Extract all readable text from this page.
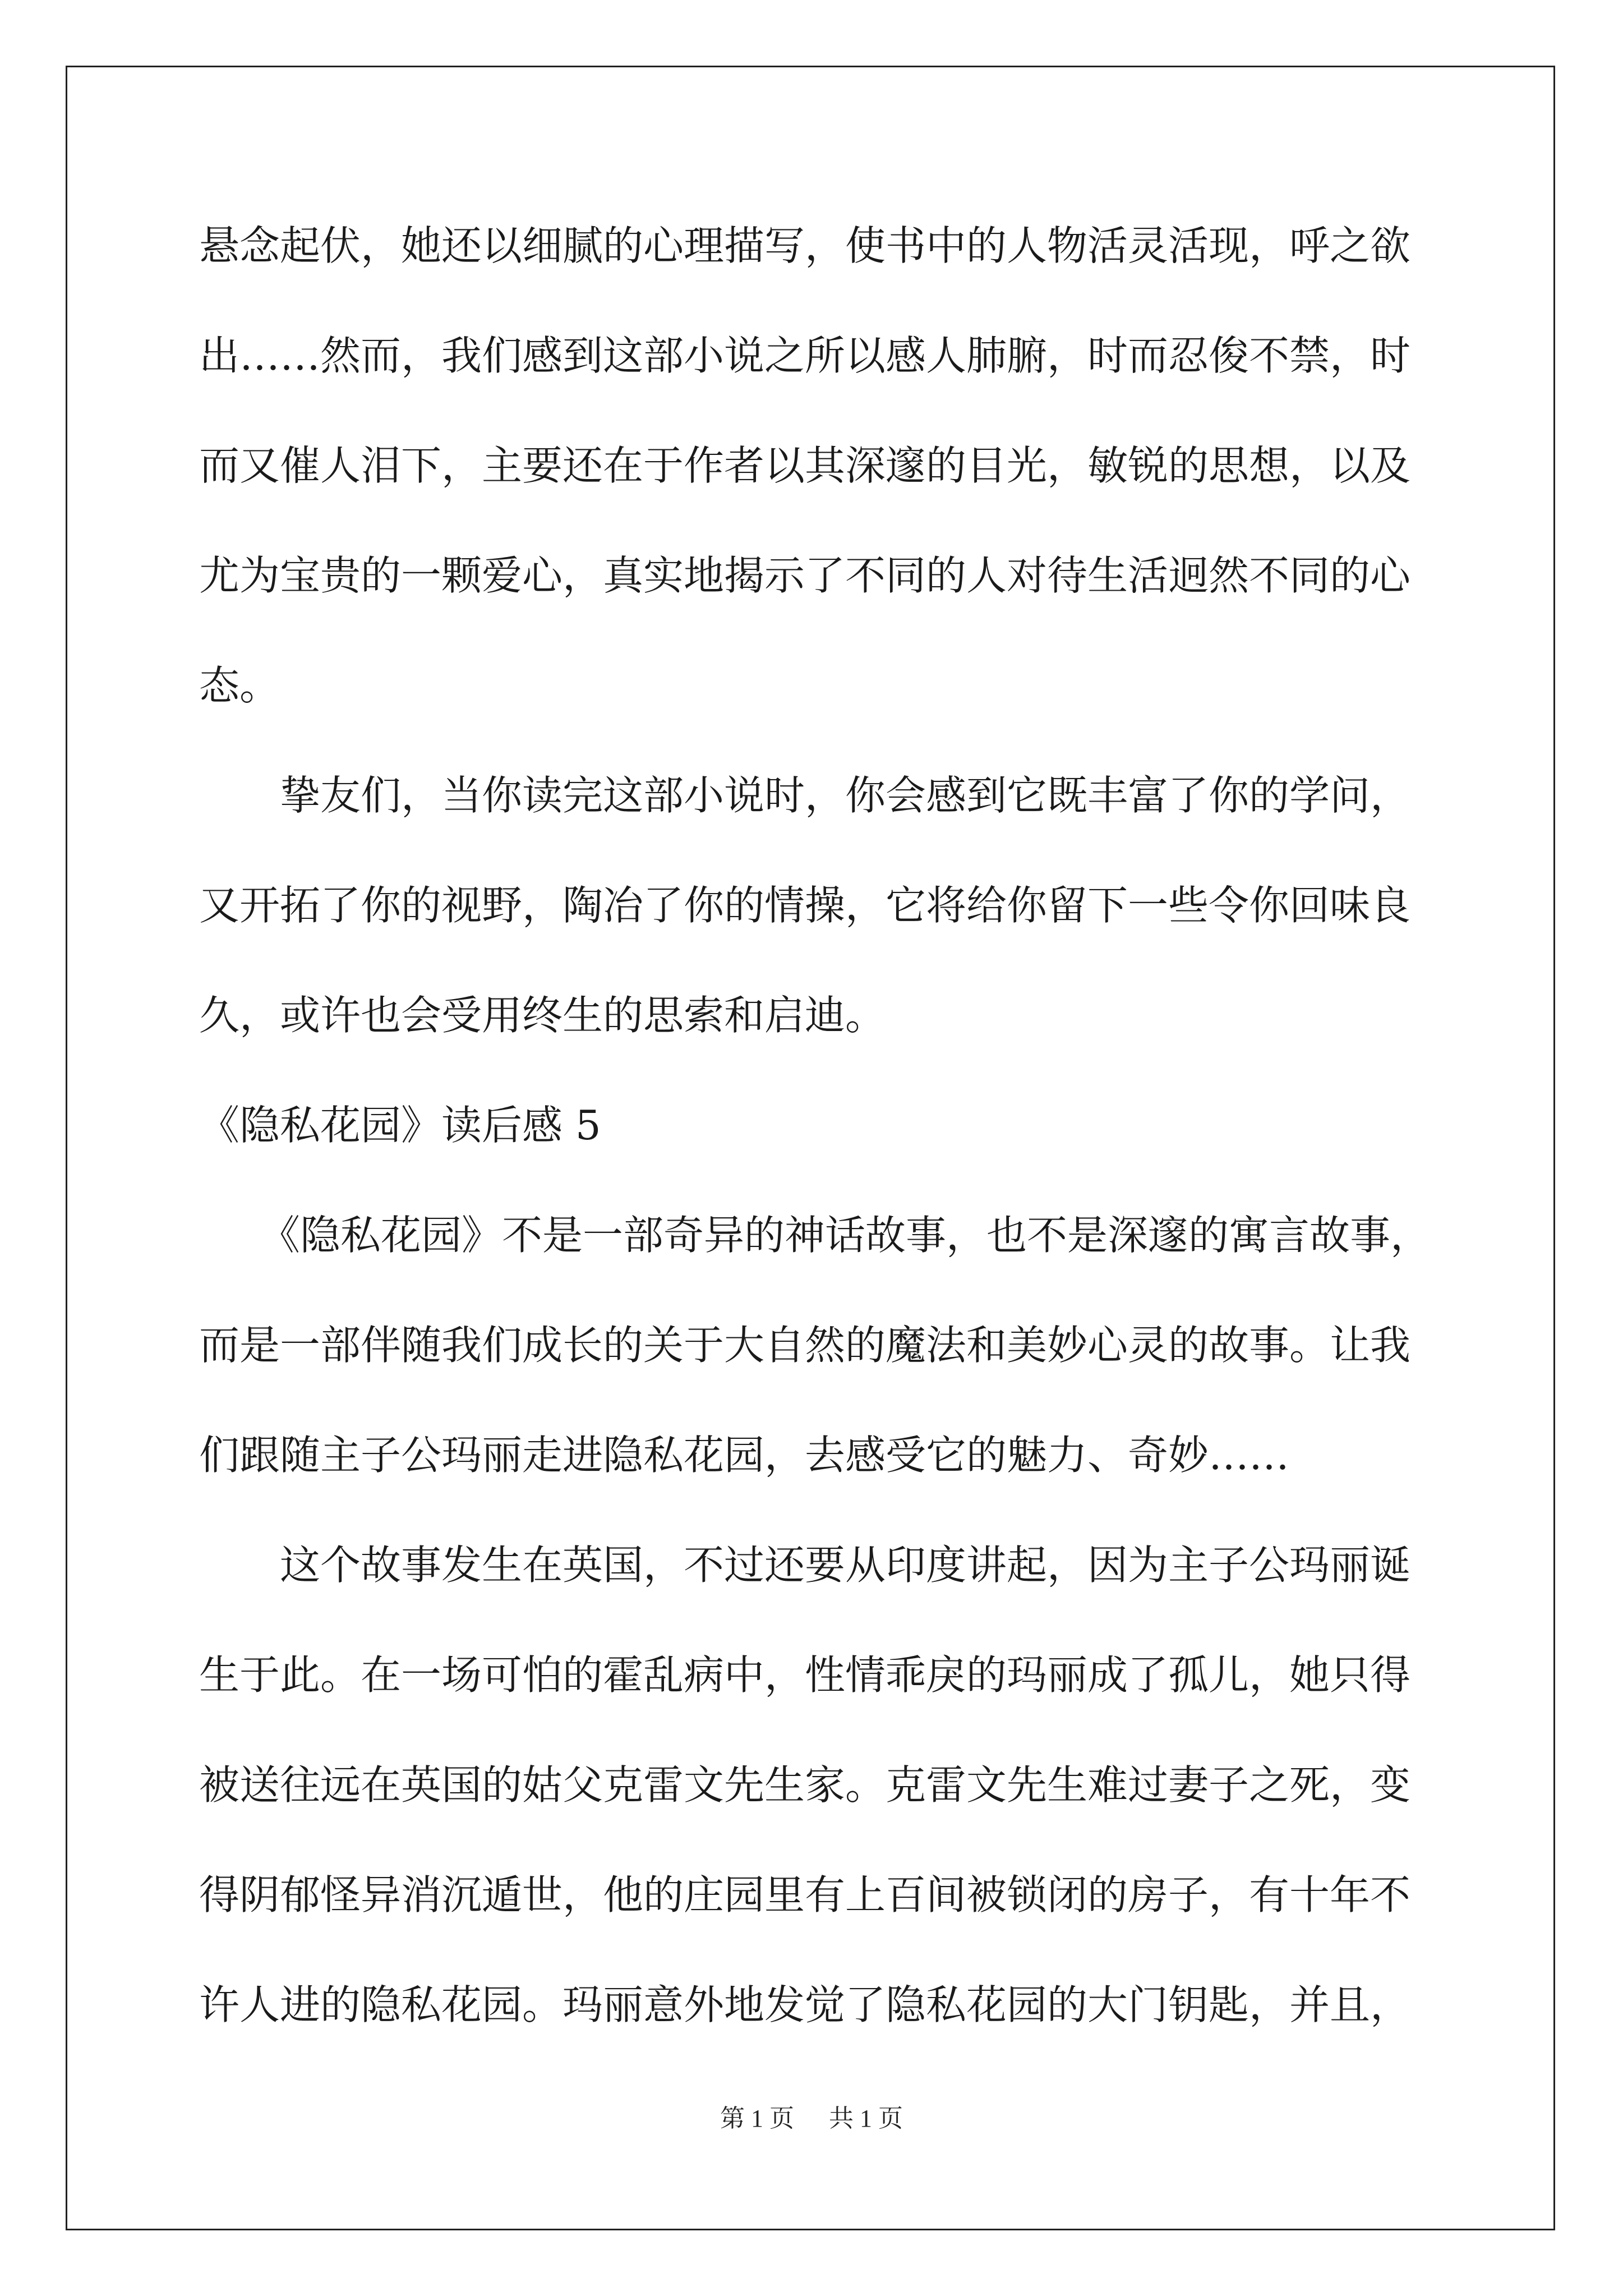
悬念起伏，她还以细腻的心理描写，使书中的人物活灵活现，呼之欲

出……然而，我们感到这部小说之所以感人肺腑，时而忍俊不禁，时

而又催人泪下，主要还在于作者以其深邃的目光，敏锐的思想，以及

尤为宝贵的一颗爱心，真实地揭示了不同的人对待生活迥然不同的心

态。

　　挚友们，当你读完这部小说时，你会感到它既丰富了你的学问，

又开拓了你的视野，陶冶了你的情操，它将给你留下一些令你回味良

久，或许也会受用终生的思索和启迪。

《隐私花园》读后感 5

　　《隐私花园》不是一部奇异的神话故事，也不是深邃的寓言故事，

而是一部伴随我们成长的关于大自然的魔法和美妙心灵的故事。让我

们跟随主子公玛丽走进隐私花园，去感受它的魅力、奇妙……

　　这个故事发生在英国，不过还要从印度讲起，因为主子公玛丽诞

生于此。在一场可怕的霍乱病中，性情乖戾的玛丽成了孤儿，她只得

被送往远在英国的姑父克雷文先生家。克雷文先生难过妻子之死，变

得阴郁怪异消沉遁世，他的庄园里有上百间被锁闭的房子，有十年不

许人进的隐私花园。玛丽意外地发觉了隐私花园的大门钥匙，并且，

第 1 页 共 1 页
